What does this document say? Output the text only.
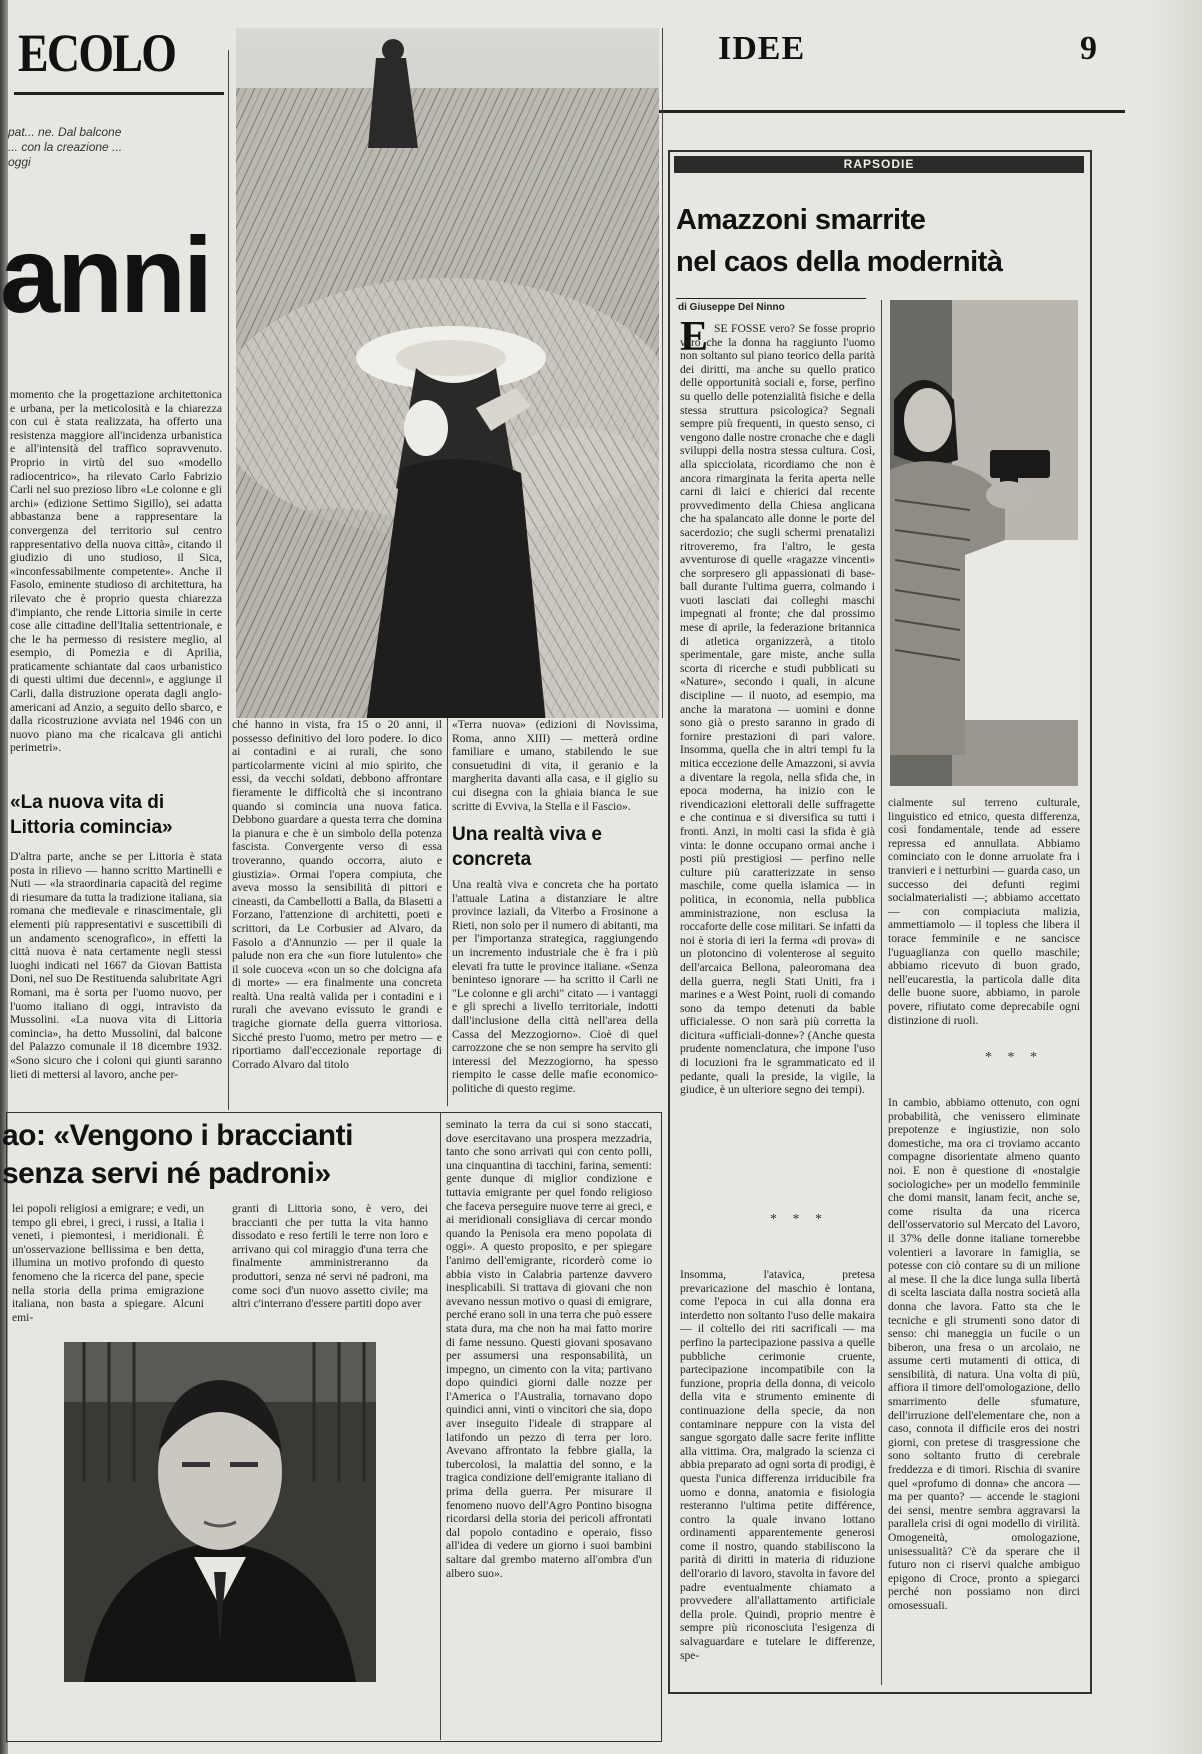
ECOLO	IDEE	9
pat... ne. Dal balcone ... con la creazione ... oggi
anni

momento che la progettazione architettonica e urbana, per la meticolosità e la chiarezza con cui è stata realizzata, ha offerto una resistenza maggiore all'incidenza urbanistica e all'intensità del traffico sopravvenuto. Proprio in virtù del suo «modello radiocentrico», ha rilevato Carlo Fabrizio Carli nel suo prezioso libro «Le colonne e gli archi» (edizione Settimo Sigillo), sei adatta abbastanza bene a rappresentare la convergenza del territorio sul centro rappresentativo della nuova città», citando il giudizio di uno studioso, il Sica, «inconfessabilmente competente». Anche il Fasolo, eminente studioso di architettura, ha rilevato che è proprio questa chiarezza d'impianto, che rende Littoria simile in certe cose alle cittadine dell'Italia settentrionale, e che le ha permesso di resistere meglio, al esempio, di Pomezia e di Aprilia, praticamente schiantate dal caos urbanistico di questi ultimi due decenni», e aggiunge il Carli, dalla distruzione operata dagli anglo-americani ad Anzio, a seguito dello sbarco, e dalla ricostruzione avviata nel 1946 con un nuovo piano ma che ricalcava gli antichi perimetri».

«La nuova vita di Littoria comincia»

D'altra parte, anche se per Littoria è stata posta in rilievo — hanno scritto Martinelli e Nuti — «la straordinaria capacità del regime di riesumare da tutta la tradizione italiana, sia romana che medievale e rinascimentale, gli elementi più rappresentativi e suscettibili di un andamento scenografico», in effetti la città nuova è nata certamente negli stessi luoghi indicati nel 1667 da Giovan Battista Doni, nel suo De Restituenda salubritate Agri Romani, ma è sorta per l'uomo nuovo, per l'uomo italiano di oggi, intravisto da Mussolini. «La nuova vita di Littoria comincia», ha detto Mussolini, dal balcone del Palazzo comunale il 18 dicembre 1932. «Sono sicuro che i coloni qui giunti saranno lieti di mettersi al lavoro, anche per-

ché hanno in vista, fra 15 o 20 anni, il possesso definitivo del loro podere. Io dico ai contadini e ai rurali, che sono particolarmente vicini al mio spirito, che essi, da vecchi soldati, debbono affrontare fieramente le difficoltà che si incontrano quando si comincia una nuova fatica. Debbono guardare a questa terra che domina la pianura e che è un simbolo della potenza fascista. Convergente verso di essa troveranno, quando occorra, aiuto e giustizia». Ormai l'opera compiuta, che aveva mosso la sensibilità di pittori e cineasti, da Cambellotti a Balla, da Blasetti a Forzano, l'attenzione di architetti, poeti e scrittori, da Le Corbusier ad Alvaro, da Fasolo a d'Annunzio — per il quale la palude non era che «un fiore lutulento» che il sole cuoceva «con un so che dolcigna afa di morte» — era finalmente una concreta realtà. Una realtà valida per i contadini e i rurali che avevano evissuto le grandi e tragiche giornate della guerra vittoriosa. Sicché presto l'uomo, metro per metro — e riportiamo dall'eccezionale reportage di Corrado Alvaro dal titolo

«Terra nuova» (edizioni di Novissima, Roma, anno XIII) — metterà ordine familiare e umano, stabilendo le sue consuetudini di vita, il geranio e la margherita davanti alla casa, e il giglio su cui disegna con la ghiaia bianca le sue scritte di Evviva, la Stella e il Fascio».

Una realtà viva e concreta

Una realtà viva e concreta che ha portato l'attuale Latina a distanziare le altre province laziali, da Viterbo a Frosinone a Rieti, non solo per il numero di abitanti, ma per l'importanza strategica, raggiungendo un incremento industriale che è fra i più elevati fra tutte le province italiane. «Senza beninteso ignorare — ha scritto il Carli ne "Le colonne e gli archi" citato — i vantaggi e gli sprechi a livello territoriale, indotti dall'inclusione della città nell'area della Cassa del Mezzogiorno». Cioè di quel carrozzone che se non sempre ha servito gli interessi del Mezzogiorno, ha spesso riempito le casse delle mafie economico-politiche di questo regime.

ao: «Vengono i braccianti
senza servi né padroni»

lei popoli religiosi a emigrare; e vedi, un tempo gli ebrei, i greci, i russi, a Italia i veneti, i piemontesi, i meridionali. È un'osservazione bellissima e ben detta, illumina un motivo profondo di questo fenomeno che la ricerca del pane, specie nella storia della prima emigrazione italiana, non basta a spiegare. Alcuni emi-

granti di Littoria sono, è vero, dei braccianti che per tutta la vita hanno dissodato e reso fertili le terre non loro e arrivano qui col miraggio d'una terra che finalmente amministreranno da produttori, senza né servi né padroni, ma come soci d'un nuovo assetto civile; ma altri c'interrano d'essere partiti dopo aver

seminato la terra da cui si sono staccati, dove esercitavano una prospera mezzadria, tanto che sono arrivati qui con cento polli, una cinquantina di tacchini, farina, sementi: gente dunque di miglior condizione e tuttavia emigrante per quel fondo religioso che faceva perseguire nuove terre ai greci, e ai meridionali consigliava di cercar mondo quando la Penisola era meno popolata di oggi». A questo proposito, e per spiegare l'animo dell'emigrante, ricorderò come io abbia visto in Calabria partenze davvero inesplicabili. Si trattava di giovani che non avevano nessun motivo o quasi di emigrare, perché erano soli in una terra che può essere stata dura, ma che non ha mai fatto morire di fame nessuno. Questi giovani sposavano per assumersi una responsabilità, un impegno, un cimento con la vita; partivano dopo quindici giorni dalle nozze per l'America o l'Australia, tornavano dopo quindici anni, vinti o vincitori che sia, dopo aver inseguito l'ideale di strappare al latifondo un pezzo di terra per loro. Avevano affrontato la febbre gialla, la tubercolosi, la malattia del sonno, e la tragica condizione dell'emigrante italiano di prima della guerra. Per misurare il fenomeno nuovo dell'Agro Pontino bisogna ricordarsi della storia dei pericoli affrontati dal popolo contadino e operaio, fisso all'idea di vedere un giorno i suoi bambini saltare dal grembo materno all'ombra d'un albero suo».

RAPSODIE
Amazzoni smarrite
nel caos della modernità
di Giuseppe Del Ninno
E SE FOSSE vero? Se fosse proprio vero che la donna ha raggiunto l'uomo non soltanto sul piano teorico della parità dei diritti, ma anche su quello pratico delle opportunità sociali e, forse, perfino su quello delle potenzialità fisiche e della stessa struttura psicologica? Segnali sempre più frequenti, in questo senso, ci vengono dalle nostre cronache che e dagli sviluppi della nostra stessa cultura. Così, alla spicciolata, ricordiamo che non è ancora rimarginata la ferita aperta nelle carni di laici e chierici dal recente provvedimento della Chiesa anglicana che ha spalancato alle donne le porte del sacerdozio; che sugli schermi prenatalizi ritroveremo, fra l'altro, le gesta avventurose di quelle «ragazze vincenti» che sorpresero gli appassionati di base-ball durante l'ultima guerra, colmando i vuoti lasciati dai colleghi maschi impegnati al fronte; che dal prossimo mese di aprile, la federazione britannica di atletica organizzerà, a titolo sperimentale, gare miste, anche sulla scorta di ricerche e studi pubblicati su «Nature», secondo i quali, in alcune discipline — il nuoto, ad esempio, ma anche la maratona — uomini e donne sono già o presto saranno in grado di fornire prestazioni di pari valore. Insomma, quella che in altri tempi fu la mitica eccezione delle Amazzoni, si avvia a diventare la regola, nella sfida che, in epoca moderna, ha inizio con le rivendicazioni elettorali delle suffragette e che continua e si diversifica su tutti i fronti. Anzi, in molti casi la sfida è già vinta: le donne occupano ormai anche i posti più prestigiosi — perfino nelle culture più caratterizzate in senso maschile, come quella islamica — in politica, in economia, nella pubblica amministrazione, non esclusa la roccaforte delle cose militari. Se infatti da noi è storia di ieri la ferma «di prova» di un plotoncino di volenterose al seguito dell'arcaica Bellona, paleoromana dea della guerra, negli Stati Uniti, fra i marines e a West Point, ruoli di comando sono da tempo detenuti da bable ufficialesse. O non sarà più corretta la dicitura «ufficiali-donne»? (Anche questa prudente nomenclatura, che impone l'uso di locuzioni fra le sgrammaticato ed il pedante, quali la preside, la vigile, la giudice, è un ulteriore segno dei tempi).

* * *

Insomma, l'atavica, pretesa prevaricazione del maschio è lontana, come l'epoca in cui alla donna era interdetto non soltanto l'uso delle makaira — il coltello dei riti sacrificali — ma perfino la partecipazione passiva a quelle pubbliche cerimonie cruente, partecipazione incompatibile con la funzione, propria della donna, di veicolo della vita e strumento eminente di continuazione della specie, da non contaminare neppure con la vista del sangue sgorgato dalle sacre ferite inflitte alla vittima. Ora, malgrado la scienza ci abbia preparato ad ogni sorta di prodigi, è questa l'unica differenza irriducibile fra uomo e donna, anatomia e fisiologia resteranno l'ultima petite différence, contro la quale invano lottano ordinamenti apparentemente generosi come il nostro, quando stabiliscono la parità di diritti in materia di riduzione dell'orario di lavoro, stavolta in favore del padre eventualmente chiamato a provvedere all'allattamento artificiale della prole. Quindi, proprio mentre è sempre più riconosciuta l'esigenza di salvaguardare e tutelare le differenze, spe-

cialmente sul terreno culturale, linguistico ed etnico, questa differenza, così fondamentale, tende ad essere repressa ed annullata. Abbiamo cominciato con le donne arruolate fra i tranvieri e i netturbini — guarda caso, un successo dei defunti regimi socialmaterialisti —; abbiamo accettato — con compiaciuta malizia, ammettiamolo — il topless che libera il torace femminile e ne sancisce l'uguaglianza con quello maschile; abbiamo ricevuto di buon grado, nell'eucarestia, la particola dalle dita delle buone suore, abbiamo, in parole povere, rifiutato come deprecabile ogni distinzione di ruoli.

* * *

In cambio, abbiamo ottenuto, con ogni probabilità, che venissero eliminate prepotenze e ingiustizie, non solo domestiche, ma ora ci troviamo accanto compagne disorientate almeno quanto noi. E non è questione di «nostalgie sociologiche» per un modello femminile che domi mansit, lanam fecit, anche se, come risulta da una ricerca dell'osservatorio sul Mercato del Lavoro, il 37% delle donne italiane tornerebbe volentieri a lavorare in famiglia, se potesse con ciò contare su di un milione al mese. Il che la dice lunga sulla libertà di scelta lasciata dalla nostra società alla donna che lavora. Fatto sta che le tecniche e gli strumenti sono dator di senso: chi maneggia un fucile o un biberon, una fresa o un arcolaio, ne assume certi mutamenti di ottica, di sensibilità, di natura. Una volta di più, affiora il timore dell'omologazione, dello smarrimento delle sfumature, dell'irruzione dell'elementare che, non a caso, connota il difficile eros dei nostri giorni, con pretese di trasgressione che sono soltanto frutto di cerebrale freddezza e di timori. Rischia di svanire quel «profumo di donna» che ancora — ma per quanto? — accende le stagioni dei sensi, mentre sembra aggravarsi la parallela crisi di ogni modello di virilità. Omogeneità, omologazione, unisessualità? C'è da sperare che il futuro non ci riservi qualche ambiguo epigono di Croce, pronto a spiegarci perché non possiamo non dirci omosessuali.
